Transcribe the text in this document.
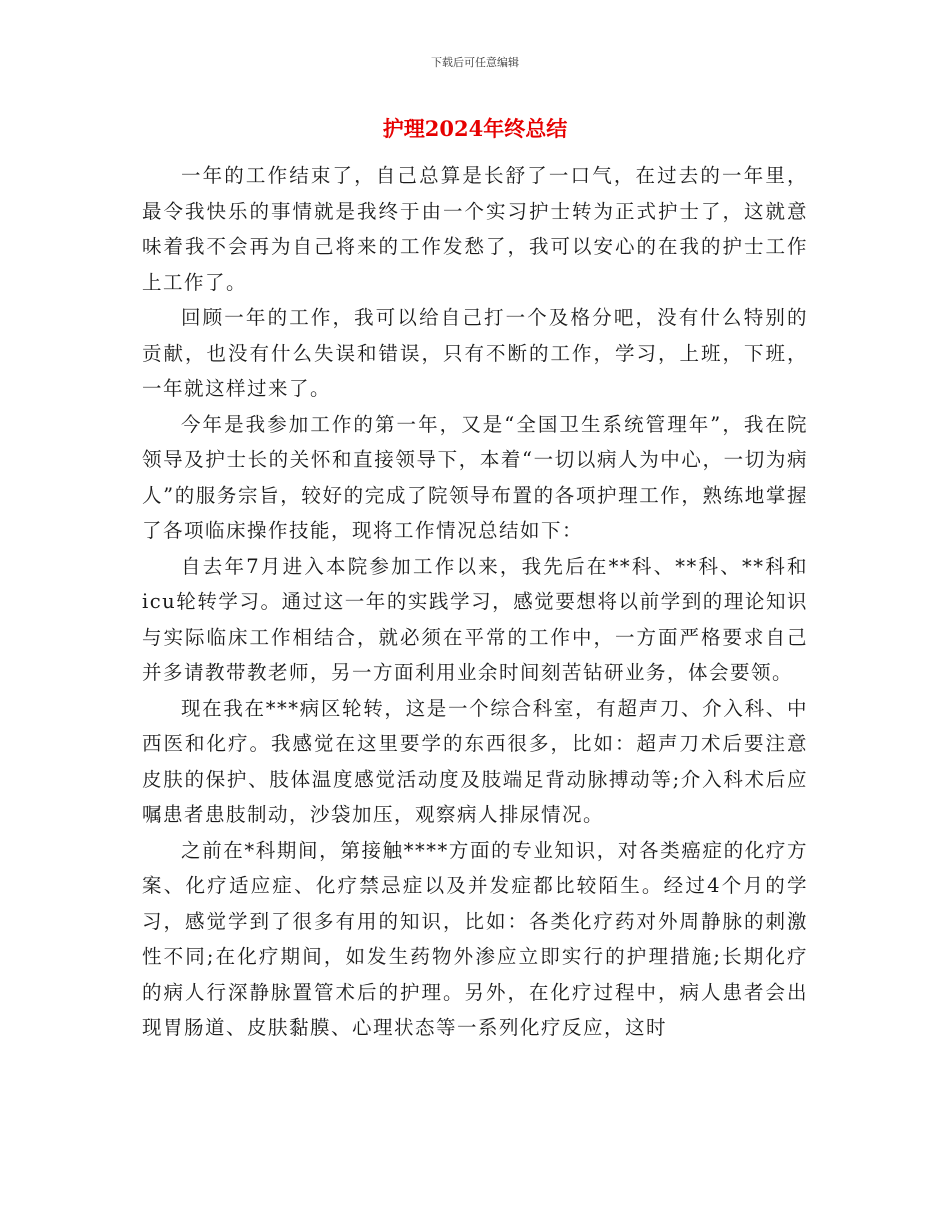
下载后可任意编辑
护理2024年终总结

一年的工作结束了，自己总算是长舒了一口气，在过去的一年里，最令我快乐的事情就是我终于由一个实习护士转为正式护士了，这就意味着我不会再为自己将来的工作发愁了，我可以安心的在我的护士工作上工作了。

回顾一年的工作，我可以给自己打一个及格分吧，没有什么特别的贡献，也没有什么失误和错误，只有不断的工作，学习，上班，下班，一年就这样过来了。

今年是我参加工作的第一年，又是“全国卫生系统管理年”，我在院领导及护士长的关怀和直接领导下，本着“一切以病人为中心，一切为病人”的服务宗旨，较好的完成了院领导布置的各项护理工作，熟练地掌握了各项临床操作技能，现将工作情况总结如下：

自去年7月进入本院参加工作以来，我先后在**科、**科、**科和icu轮转学习。通过这一年的实践学习，感觉要想将以前学到的理论知识与实际临床工作相结合，就必须在平常的工作中，一方面严格要求自己并多请教带教老师，另一方面利用业余时间刻苦钻研业务，体会要领。

现在我在***病区轮转，这是一个综合科室，有超声刀、介入科、中西医和化疗。我感觉在这里要学的东西很多，比如：超声刀术后要注意皮肤的保护、肢体温度感觉活动度及肢端足背动脉搏动等;介入科术后应嘱患者患肢制动，沙袋加压，观察病人排尿情况。

之前在*科期间，第接触****方面的专业知识，对各类癌症的化疗方案、化疗适应症、化疗禁忌症以及并发症都比较陌生。经过4个月的学习，感觉学到了很多有用的知识，比如：各类化疗药对外周静脉的刺激性不同;在化疗期间，如发生药物外渗应立即实行的护理措施;长期化疗的病人行深静脉置管术后的护理。另外，在化疗过程中，病人患者会出现胃肠道、皮肤黏膜、心理状态等一系列化疗反应，这时
